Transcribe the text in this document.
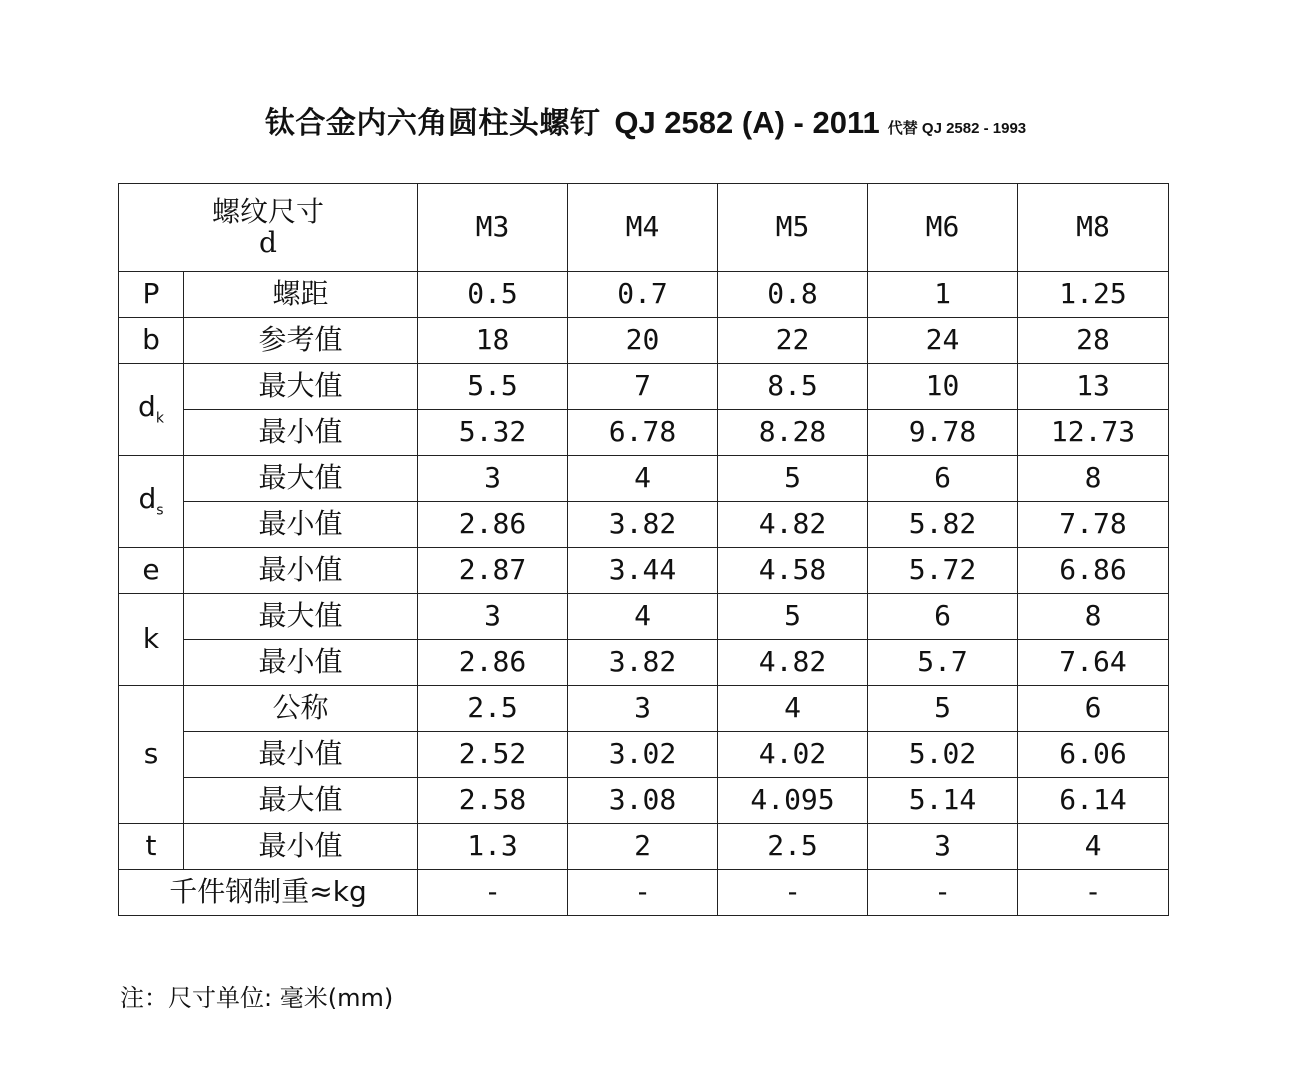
钛合金内六角圆柱头螺钉 QJ 2582 (A) - 2011 代替 QJ 2582 - 1993
螺纹尺寸
d		M3	M4	M5	M6	M8
P	螺距	0.5	0.7	0.8	1	1.25
b	参考值	18	20	22	24	28
$d_k$	最大值	5.5	7	8.5	10	13
	最小值	5.32	6.78	8.28	9.78	12.73
$d_s$	最大值	3	4	5	6	8
	最小值	2.86	3.82	4.82	5.82	7.78
e	最小值	2.87	3.44	4.58	5.72	6.86
k	最大值	3	4	5	6	8
	最小值	2.86	3.82	4.82	5.7	7.64
s	公称	2.5	3	4	5	6
	最小值	2.52	3.02	4.02	5.02	6.06
	最大值	2.58	3.08	4.095	5.14	6.14
t	最小值	1.3	2	2.5	3	4
千件钢制重≈kg		-	-	-	-	-
注：尺寸单位: 毫米(mm)
